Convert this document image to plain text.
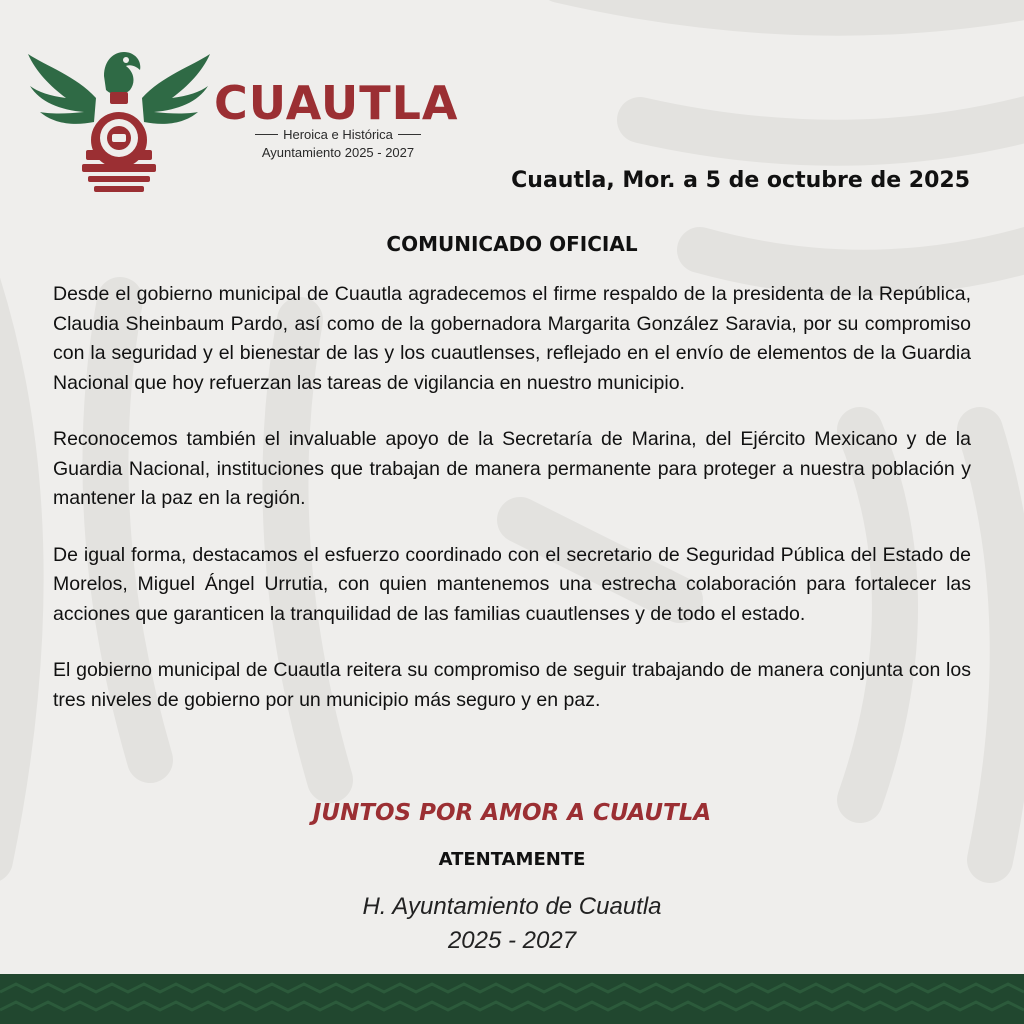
CUAUTLA
Heroica e Histórica
Ayuntamiento 2025 - 2027
Cuautla, Mor. a 5 de octubre de 2025
COMUNICADO OFICIAL

Desde el gobierno municipal de Cuautla agradecemos el firme respaldo de la presidenta de la República, Claudia Sheinbaum Pardo, así como de la gobernadora Margarita González Saravia, por su compromiso con la seguridad y el bienestar de las y los cuautlenses, reflejado en el envío de elementos de la Guardia Nacional que hoy refuerzan las tareas de vigilancia en nuestro municipio.

Reconocemos también el invaluable apoyo de la Secretaría de Marina, del Ejército Mexicano y de la Guardia Nacional, instituciones que trabajan de manera permanente para proteger a nuestra población y mantener la paz en la región.

De igual forma, destacamos el esfuerzo coordinado con el secretario de Seguridad Pública del Estado de Morelos, Miguel Ángel Urrutia, con quien mantenemos una estrecha colaboración para fortalecer las acciones que garanticen la tranquilidad de las familias cuautlenses y de todo el estado.

El gobierno municipal de Cuautla reitera su compromiso de seguir trabajando de manera conjunta con los tres niveles de gobierno por un municipio más seguro y en paz.

JUNTOS POR AMOR A CUAUTLA
ATENTAMENTE
H. Ayuntamiento de Cuautla
2025 - 2027
